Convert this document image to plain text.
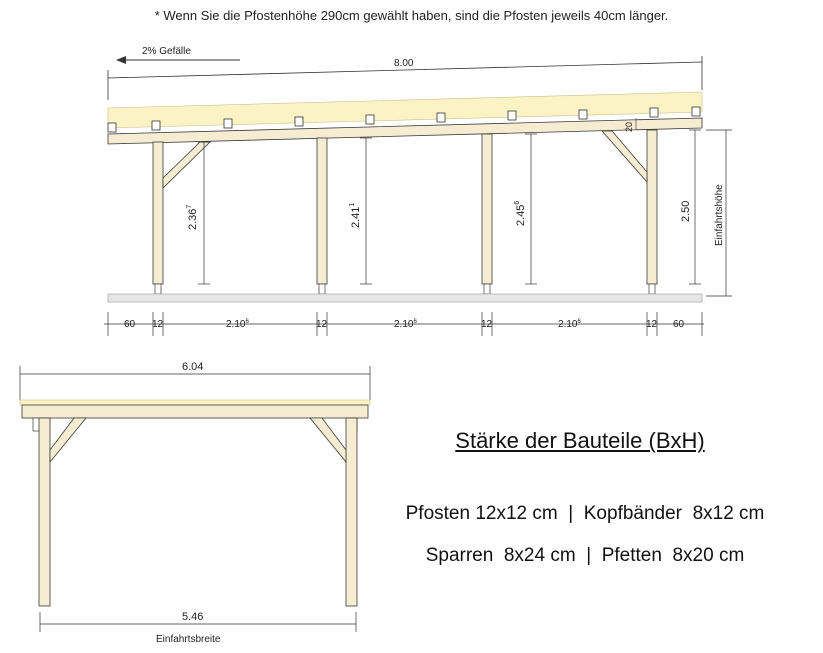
* Wenn Sie die Pfostenhöhe 290cm gewählt haben, sind die Pfosten jeweils 40cm länger.
2% Gefälle
8.00
20
2.36$^7$	2.41$^1$	2.45$^6$	2.50 Einfahrtshöhe
60 12	2.10$^6$	12	2.10$^6$	12	2.10$^6$	12 60
6.04
5.46
Einfahrtsbreite
Stärke der Bauteile (BxH)
Pfosten 12x12 cm  |  Kopfbänder  8x12 cm
Sparren  8x24 cm  |  Pfetten  8x20 cm
